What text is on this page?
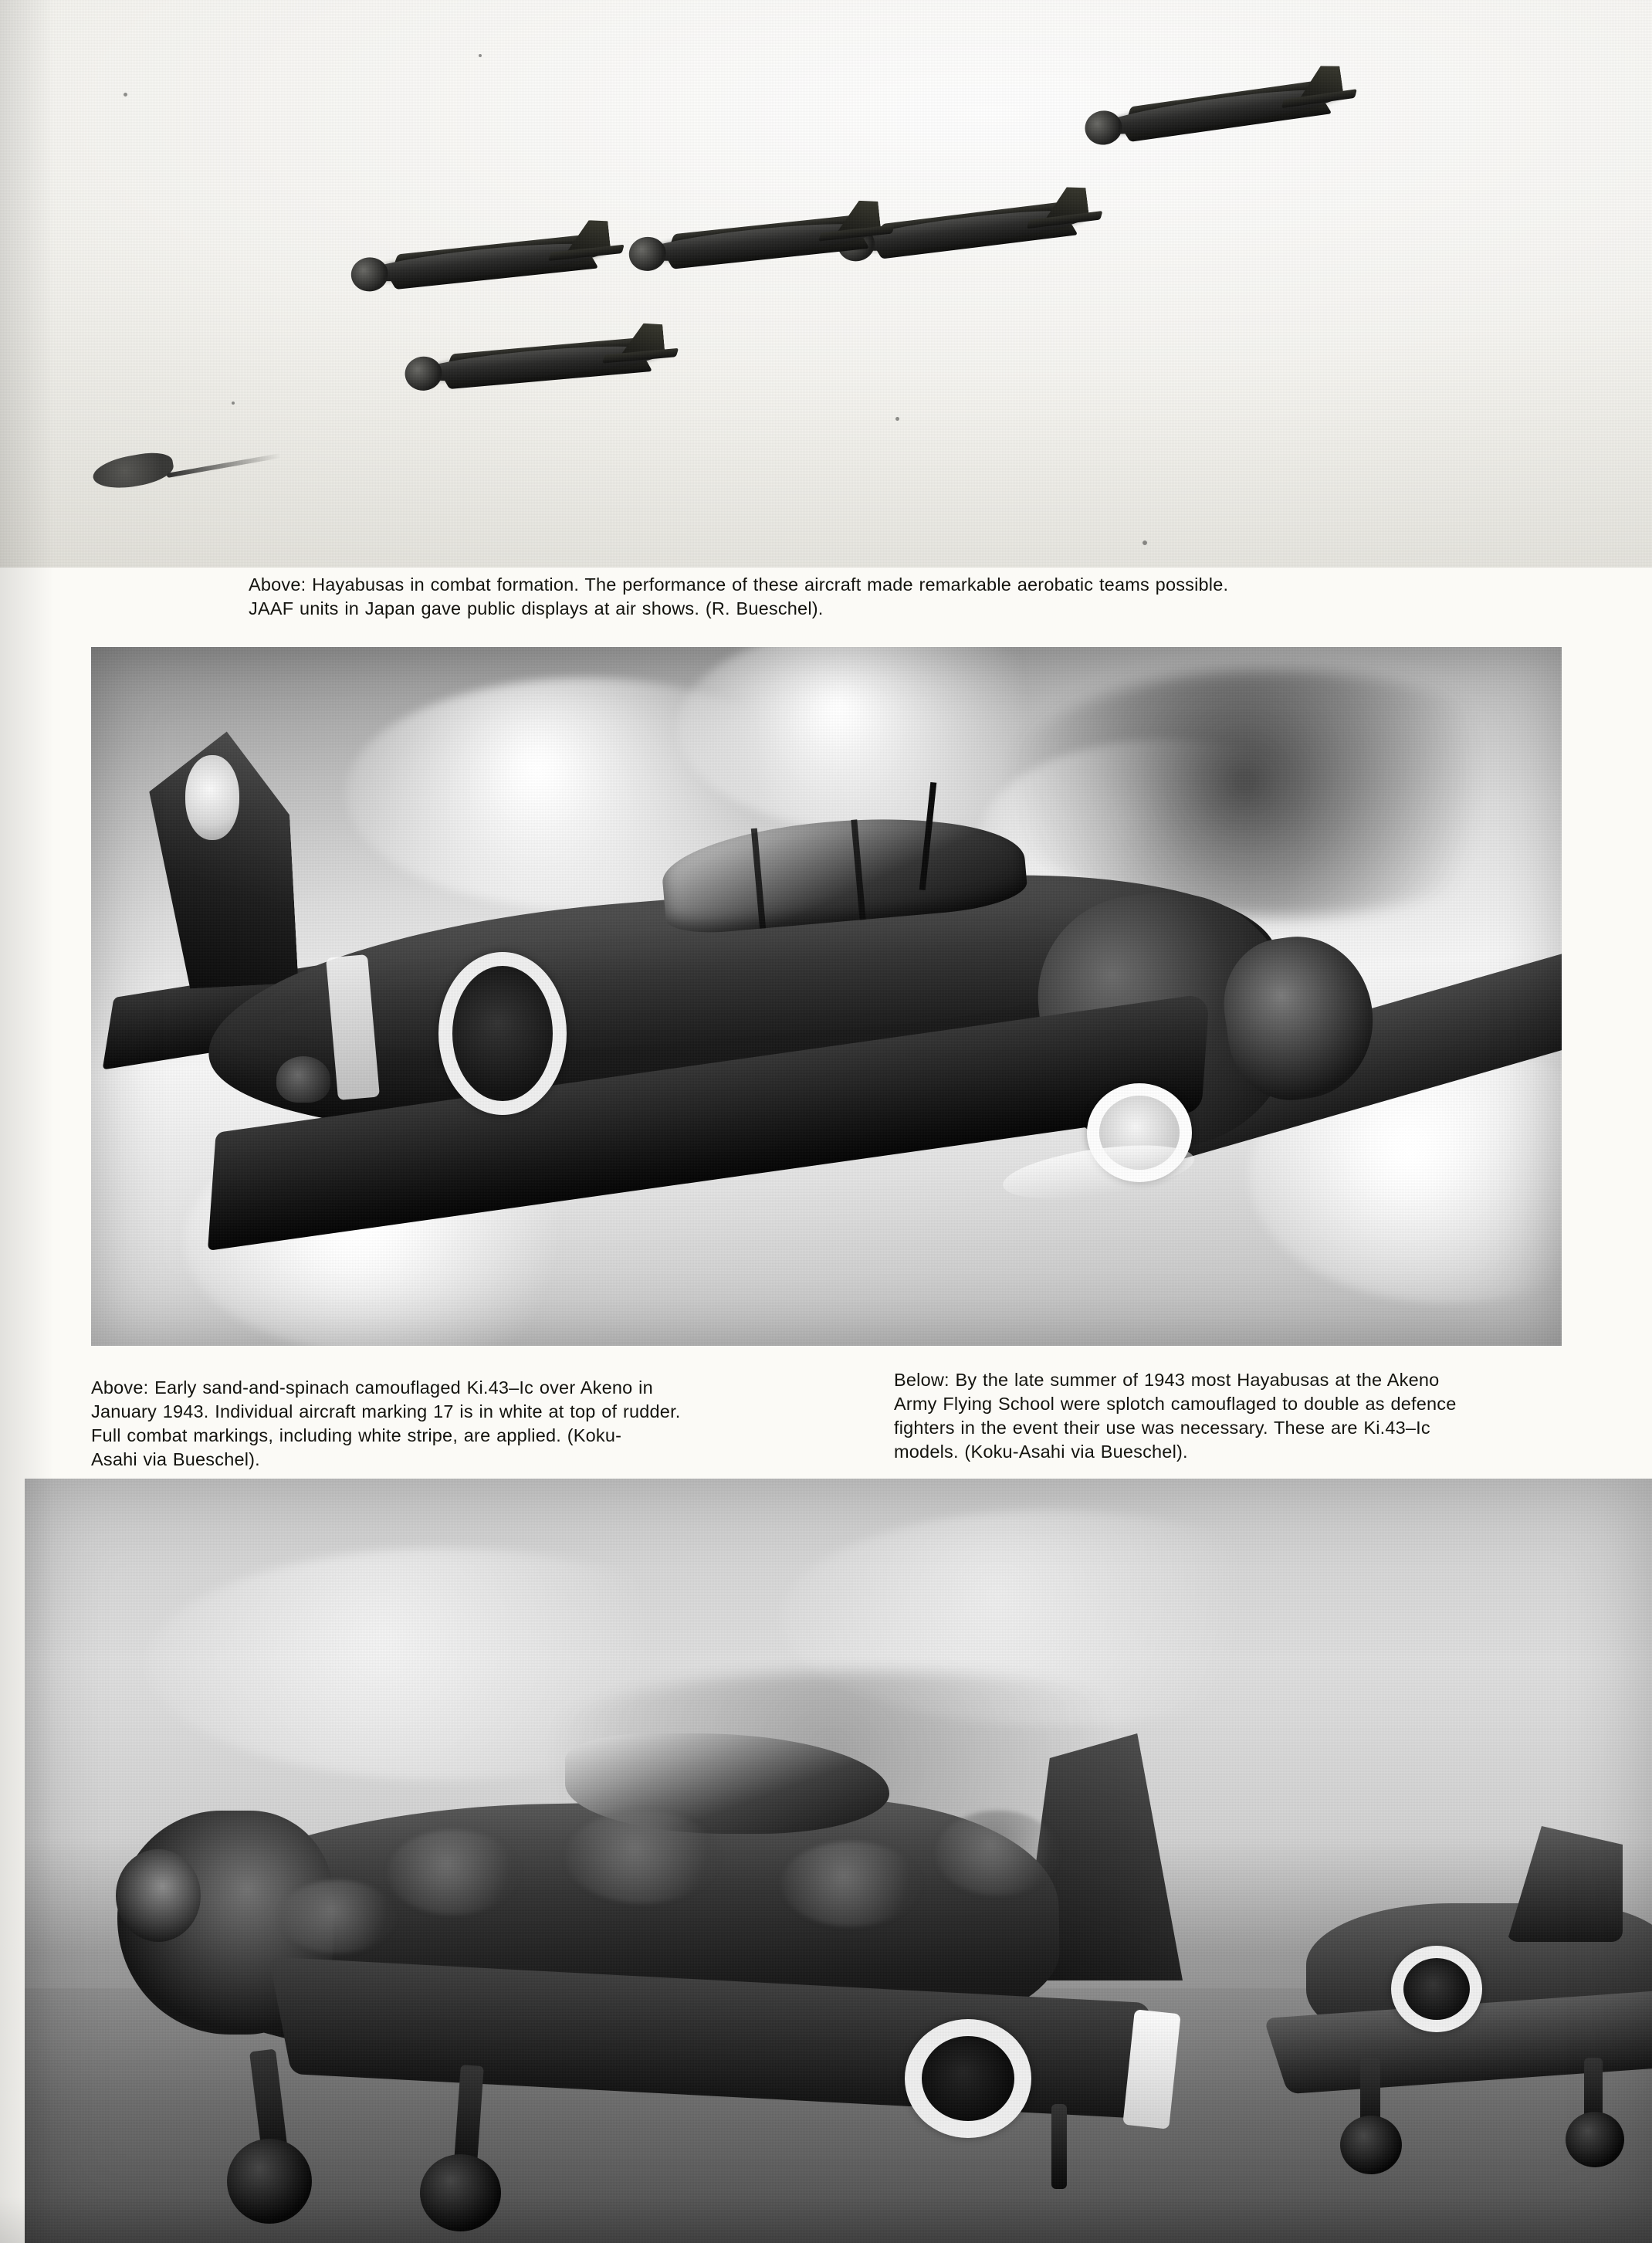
Above: Hayabusas in combat formation. The performance of these aircraft made remarkable aerobatic teams possible.

JAAF units in Japan gave public displays at air shows. (R. Bueschel).

Above: Early sand-and-spinach camouflaged Ki.43–Ic over Akeno in

January 1943. Individual aircraft marking 17 is in white at top of rudder.

Full combat markings, including white stripe, are applied. (Koku-

Asahi via Bueschel).

Below: By the late summer of 1943 most Hayabusas at the Akeno

Army Flying School were splotch camouflaged to double as defence

fighters in the event their use was necessary. These are Ki.43–Ic

models. (Koku-Asahi via Bueschel).
